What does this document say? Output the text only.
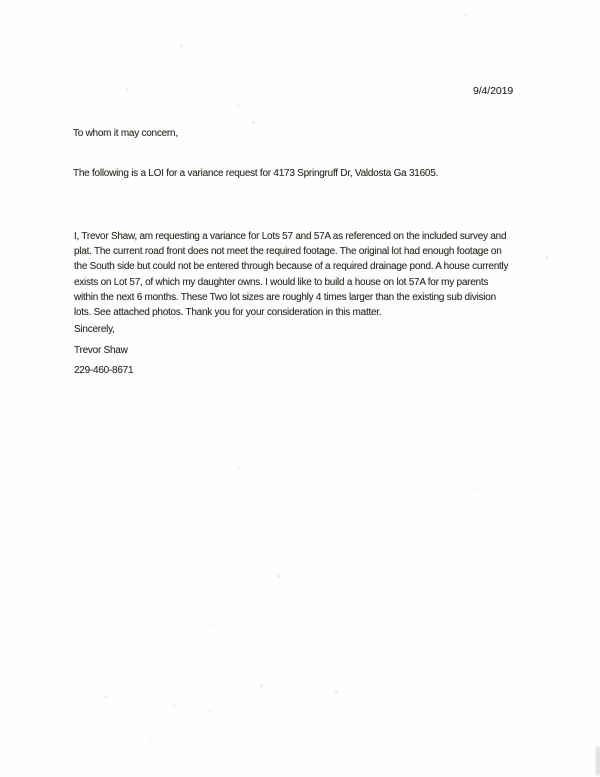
9/4/2019
To whom it may concern,
The following is a LOI for a variance request for 4173 Springruff Dr, Valdosta Ga 31605.
I, Trevor Shaw, am requesting a variance for Lots 57 and 57A as referenced on the included survey and
plat. The current road front does not meet the required footage. The original lot had enough footage on
the South side but could not be entered through because of a required drainage pond. A house currently
exists on Lot 57, of which my daughter owns. I would like to build a house on lot 57A for my parents
within the next 6 months. These Two lot sizes are roughly 4 times larger than the existing sub division
lots. See attached photos. Thank you for your consideration in this matter.
Sincerely,
Trevor Shaw
229-460-8671
